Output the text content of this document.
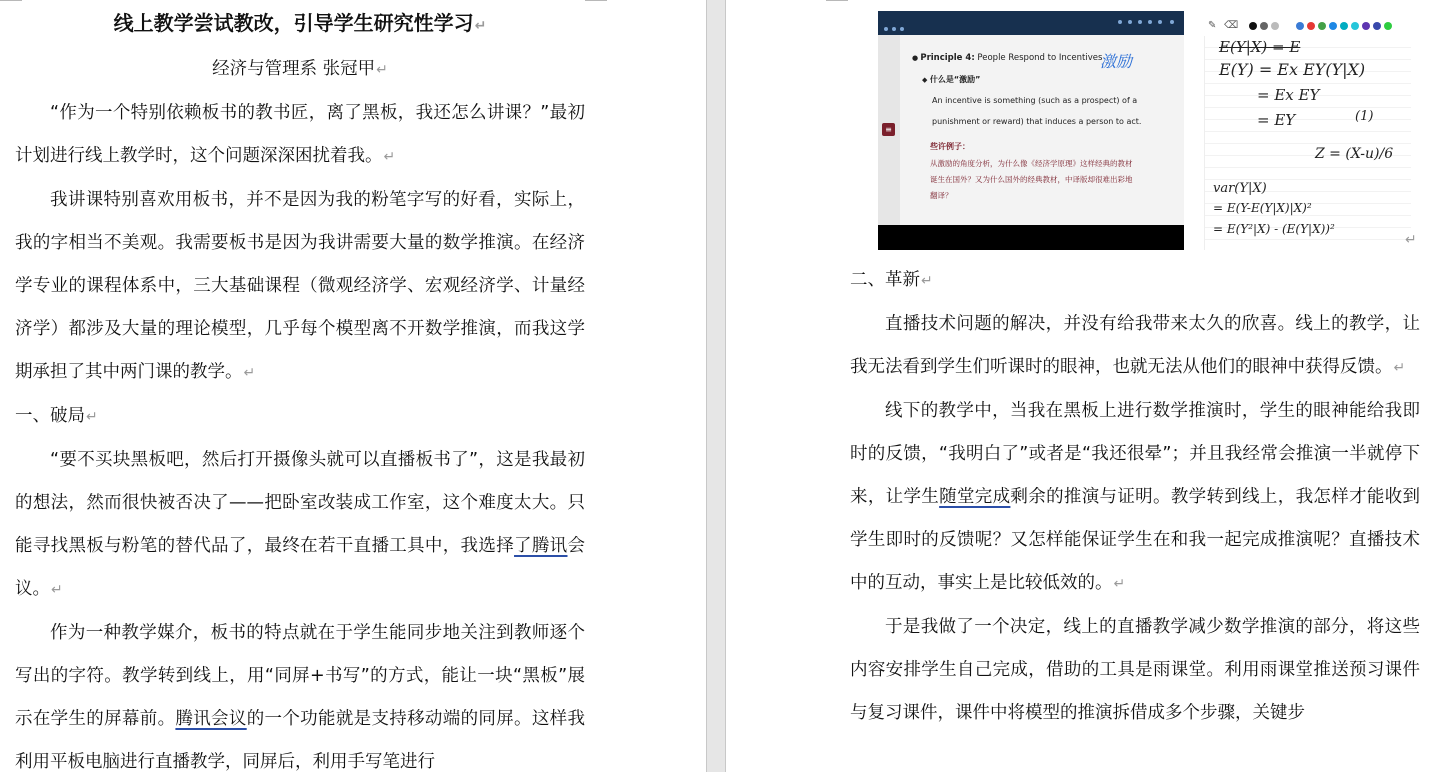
线上教学尝试教改，引导学生研究性学习↵
经济与管理系 张冠甲↵

“作为一个特别依赖板书的教书匠，离了黑板，我还怎么讲课？”最初计划进行线上教学时，这个问题深深困扰着我。↵

我讲课特别喜欢用板书，并不是因为我的粉笔字写的好看，实际上，我的字相当不美观。我需要板书是因为我讲需要大量的数学推演。在经济学专业的课程体系中，三大基础课程（微观经济学、宏观经济学、计量经济学）都涉及大量的理论模型，几乎每个模型离不开数学推演，而我这学期承担了其中两门课的教学。↵

一、破局↵

“要不买块黑板吧，然后打开摄像头就可以直播板书了”，这是我最初的想法，然而很快被否决了——把卧室改装成工作室，这个难度太大。只能寻找黑板与粉笔的替代品了，最终在若干直播工具中，我选择了腾讯会议。↵

作为一种教学媒介，板书的特点就在于学生能同步地关注到教师逐个写出的字符。教学转到线上，用“同屏+书写”的方式，能让一块“黑板”展示在学生的屏幕前。腾讯会议的一个功能就是支持移动端的同屏。这样我利用平板电脑进行直播教学，同屏后，利用手写笔进行

≡
● Principle 4: People Respond to Incentives
激励
◆ 什么是“激励”
An incentive is something (such as a prospect) of a
punishment or reward) that induces a person to act.
些许例子：
从激励的角度分析，为什么像《经济学原理》这样经典的教材
诞生在国外？又为什么国外的经典教材，中译版却很难出彩地
翻译？
✎ ⌫
E(Y|X) = E
E(Y) = Ex EY(Y|X)
= Ex EY
= EY	(1)
Z = (X-u)/6
var(Y|X)
= E(Y-E(Y|X)|X)²
= E(Y²|X) - (E(Y|X))²
↵

二、革新↵

直播技术问题的解决，并没有给我带来太久的欣喜。线上的教学，让我无法看到学生们听课时的眼神，也就无法从他们的眼神中获得反馈。↵

线下的教学中，当我在黑板上进行数学推演时，学生的眼神能给我即时的反馈，“我明白了”或者是“我还很晕”；并且我经常会推演一半就停下来，让学生随堂完成剩余的推演与证明。教学转到线上，我怎样才能收到学生即时的反馈呢？又怎样能保证学生在和我一起完成推演呢？直播技术中的互动，事实上是比较低效的。↵

于是我做了一个决定，线上的直播教学减少数学推演的部分，将这些内容安排学生自己完成，借助的工具是雨课堂。利用雨课堂推送预习课件与复习课件，课件中将模型的推演拆借成多个步骤，关键步
